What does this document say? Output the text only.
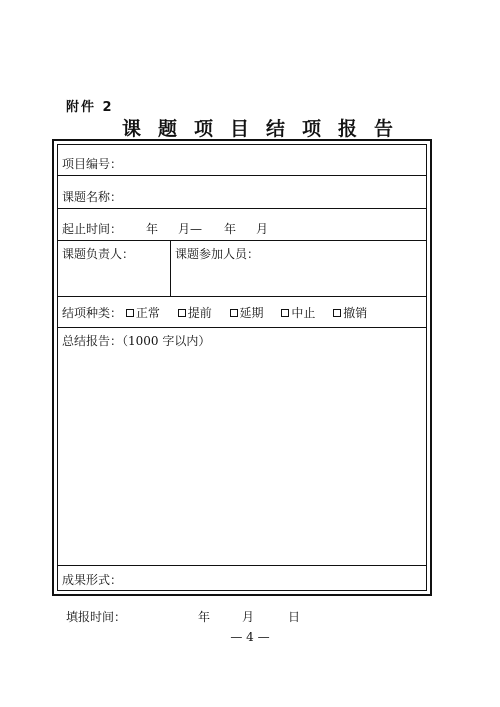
附件 2
课题项目结项报告
项目编号：
课题名称：
起止时间： 年 月— 年 月
课题负责人：	课题参加人员：
结项种类： 正常 提前 延期 中止 撤销
总结报告：（1000 字以内）
成果形式：
填报时间：	年	月	日
— 4 —
